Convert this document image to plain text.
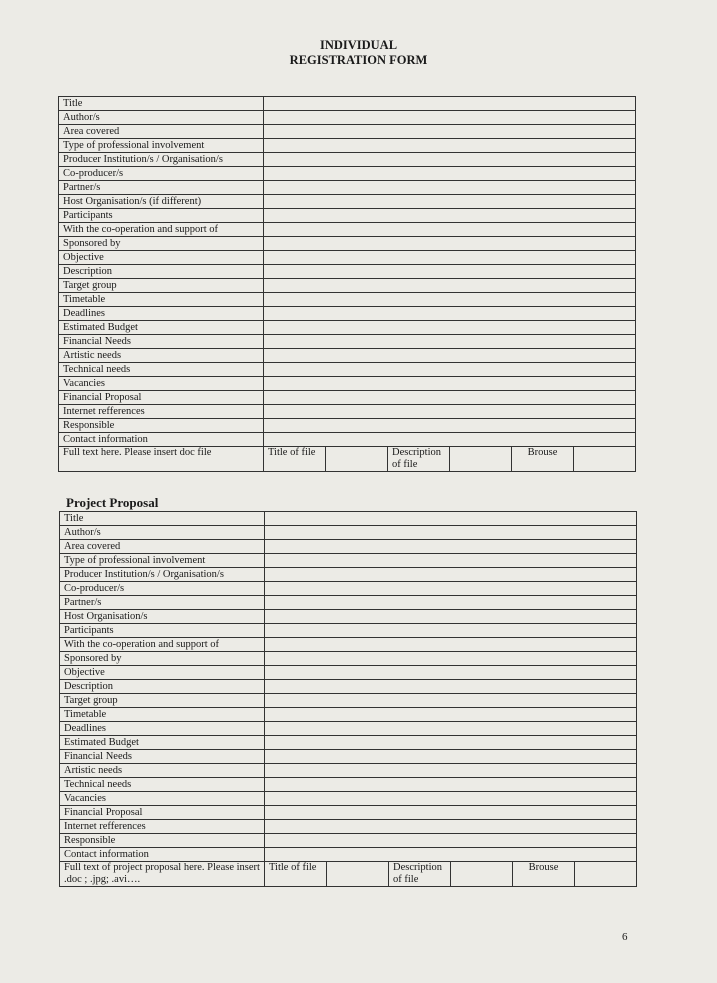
INDIVIDUAL
REGISTRATION FORM
Title						
Author/s						
Area covered						
Type of professional involvement						
Producer Institution/s / Organisation/s						
Co-producer/s						
Partner/s						
Host Organisation/s (if different)						
Participants						
With the co-operation and support of						
Sponsored by						
Objective						
Description						
Target group						
Timetable						
Deadlines						
Estimated Budget						
Financial Needs						
Artistic needs						
Technical needs						
Vacancies						
Financial Proposal						
Internet refferences						
Responsible						
Contact information						
Full text here. Please insert doc file	Title of file		Description of file		Brouse	
Project Proposal
Title						
Author/s						
Area covered						
Type of professional involvement						
Producer Institution/s / Organisation/s						
Co-producer/s						
Partner/s						
Host Organisation/s						
Participants						
With the co-operation and support of						
Sponsored by						
Objective						
Description						
Target group						
Timetable						
Deadlines						
Estimated Budget						
Financial Needs						
Artistic needs						
Technical needs						
Vacancies						
Financial Proposal						
Internet refferences						
Responsible						
Contact information						
Full text of project proposal here. Please insert .doc ; .jpg; .avi….	Title of file		Description of file		Brouse	
6
